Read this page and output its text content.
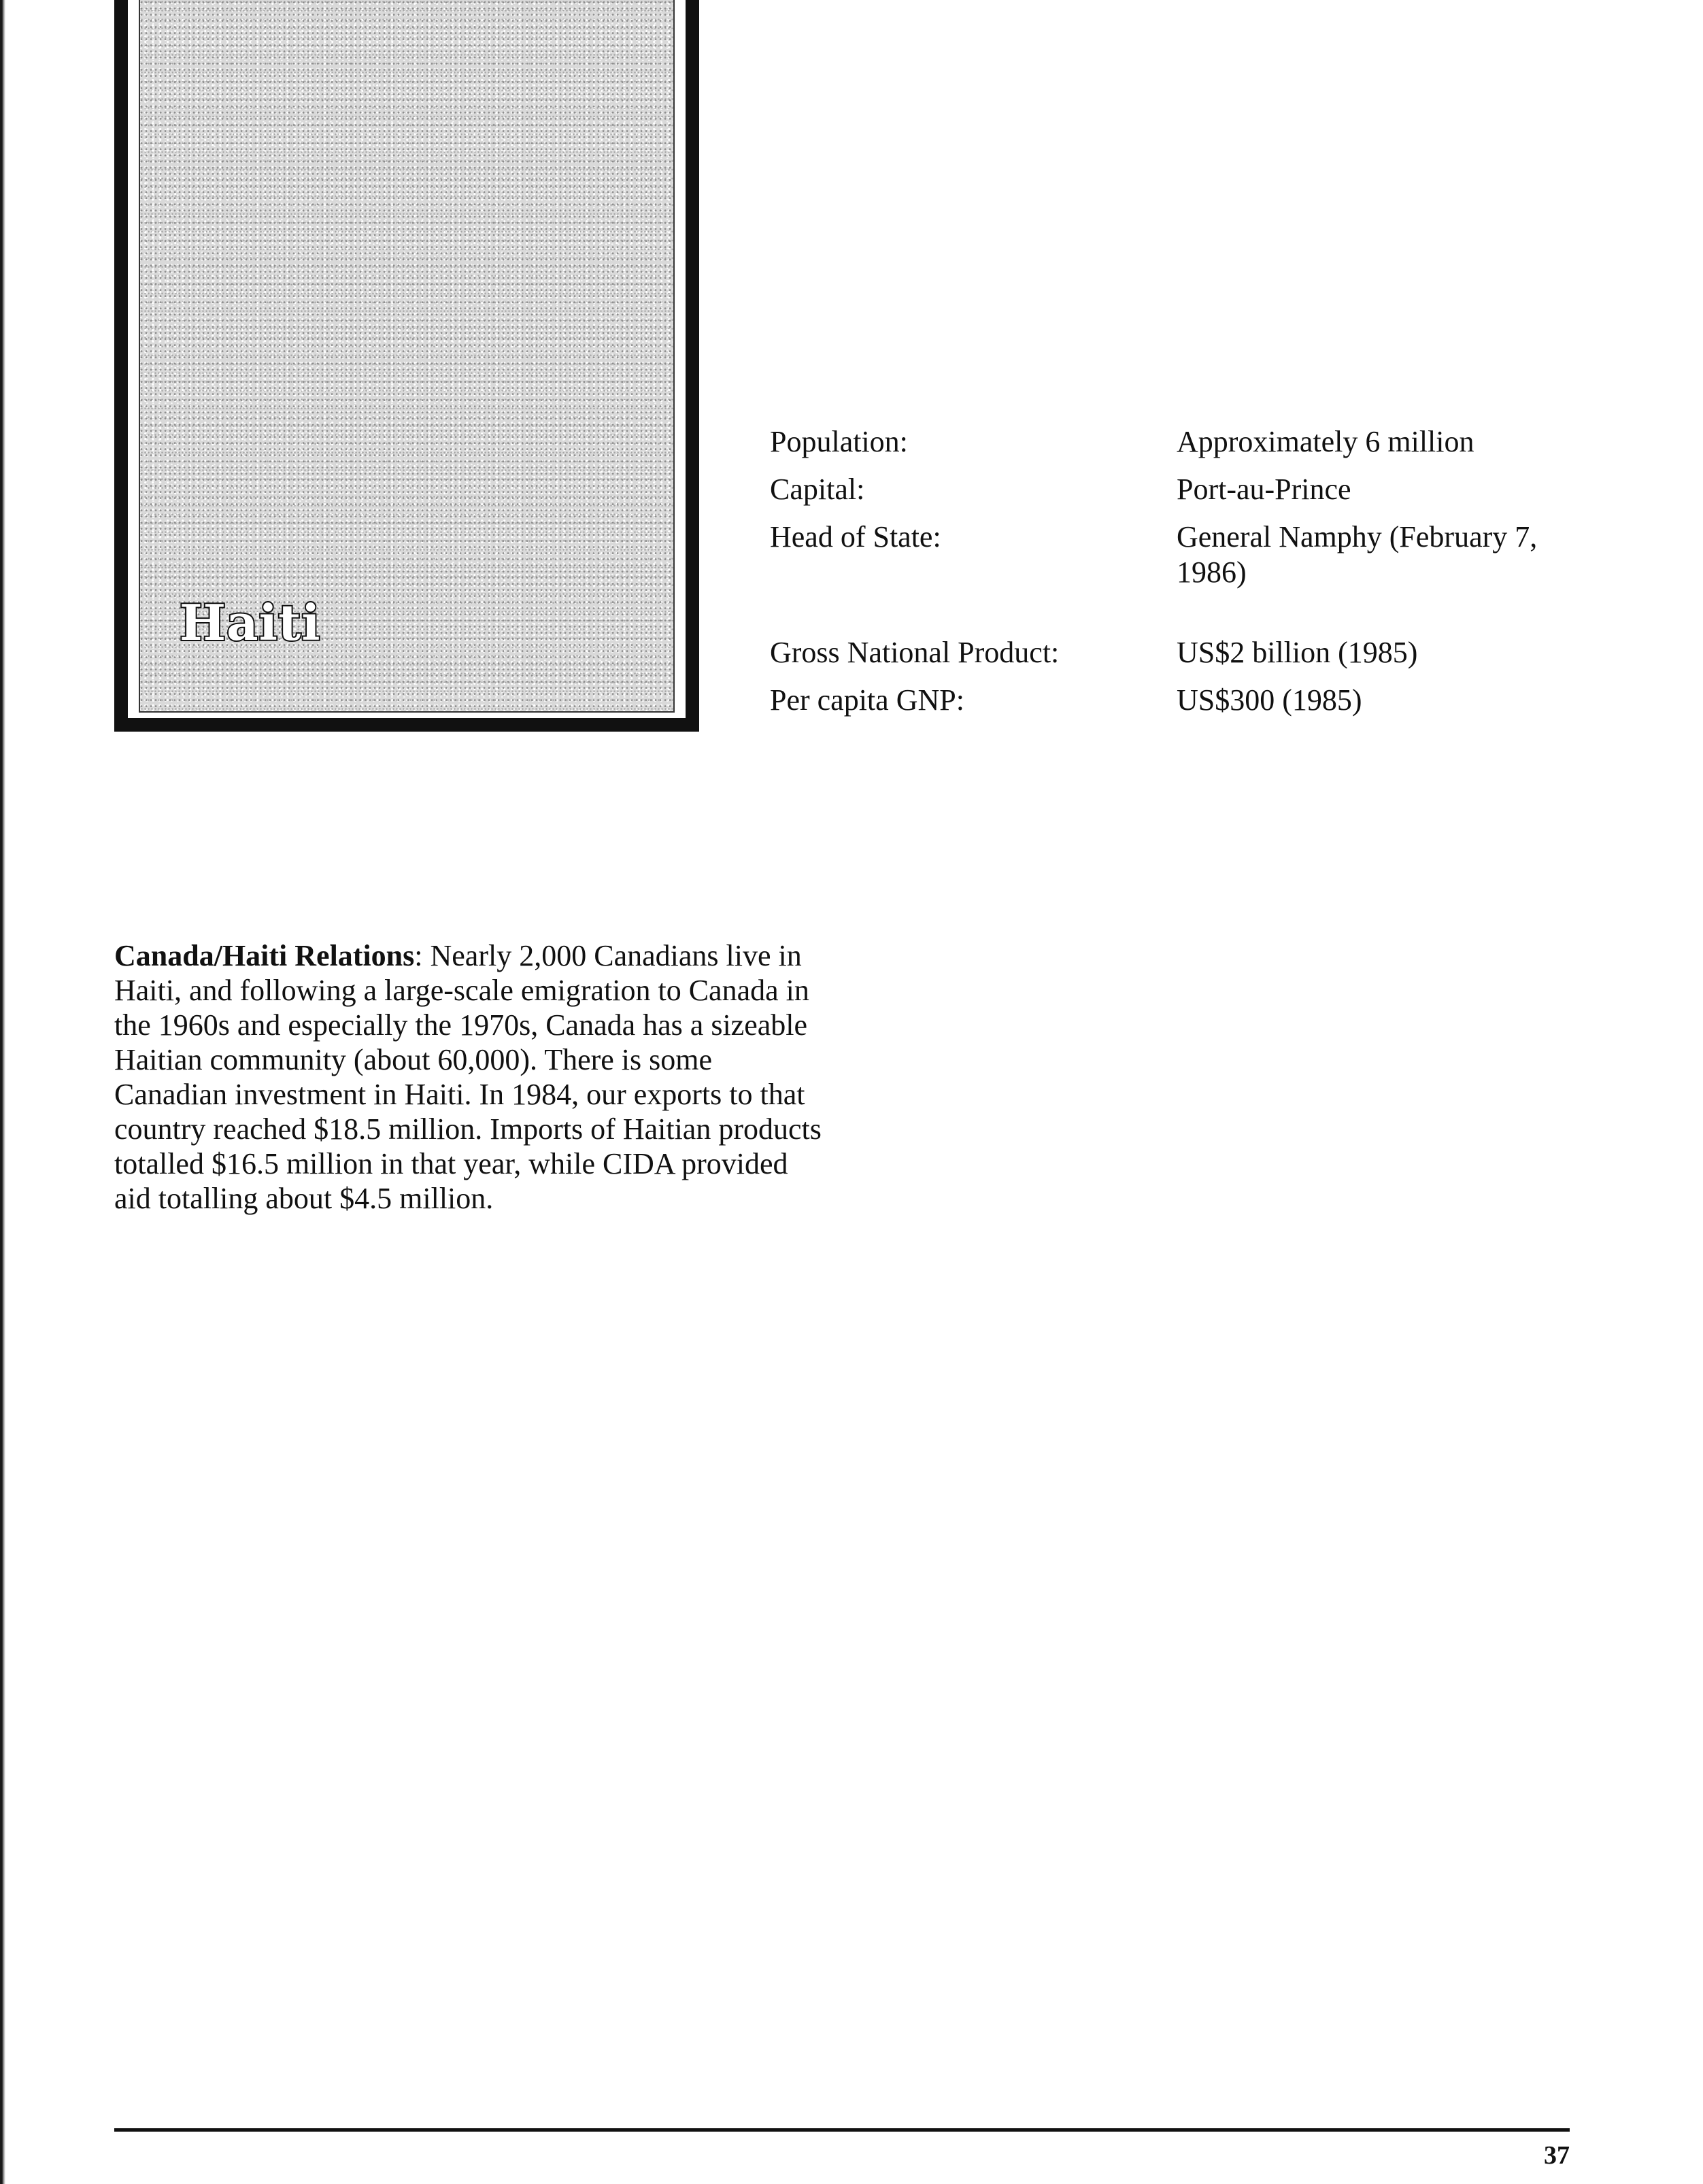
Haiti
Population:	Approximately 6 million
Capital:	Port-au-Prince
Head of State:	General Namphy (February 7, 1986)
Gross National Product:	US$2 billion (1985)
Per capita GNP:	US$300 (1985)

Canada/Haiti Relations: Nearly 2,000 Canadians live in Haiti, and following a large-scale emigration to Canada in the 1960s and especially the 1970s, Canada has a sizeable Haitian community (about 60,000). There is some Canadian investment in Haiti. In 1984, our exports to that country reached $18.5 million. Imports of Haitian products totalled $16.5 million in that year, while CIDA provided aid totalling about $4.5 million.

37
